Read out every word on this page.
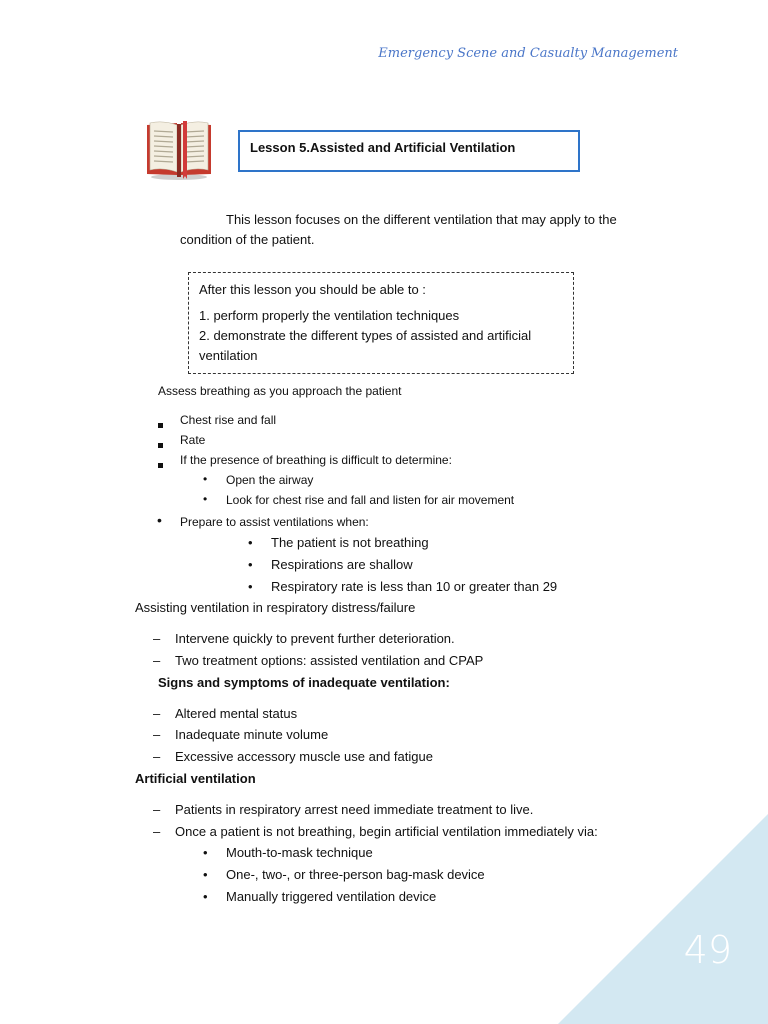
Emergency Scene and Casualty Management
Lesson 5.Assisted and Artificial Ventilation
This lesson focuses on the different ventilation that may apply to the
condition of the patient.

After this lesson you should be able to :

1. perform properly the ventilation techniques

2. demonstrate the different types of assisted and artificial

ventilation

Assess breathing as you approach the patient
Chest rise and fall
Rate
If the presence of breathing is difficult to determine:
• Open the airway
• Look for chest rise and fall and listen for air movement
• Prepare to assist ventilations when:
• The patient is not breathing
• Respirations are shallow
• Respiratory rate is less than 10 or greater than 29
Assisting ventilation in respiratory distress/failure
– Intervene quickly to prevent further deterioration.
– Two treatment options: assisted ventilation and CPAP
Signs and symptoms of inadequate ventilation:
– Altered mental status
– Inadequate minute volume
– Excessive accessory muscle use and fatigue
Artificial ventilation
– Patients in respiratory arrest need immediate treatment to live.
– Once a patient is not breathing, begin artificial ventilation immediately via:
• Mouth-to-mask technique
• One-, two-, or three-person bag-mask device
• Manually triggered ventilation device
49
